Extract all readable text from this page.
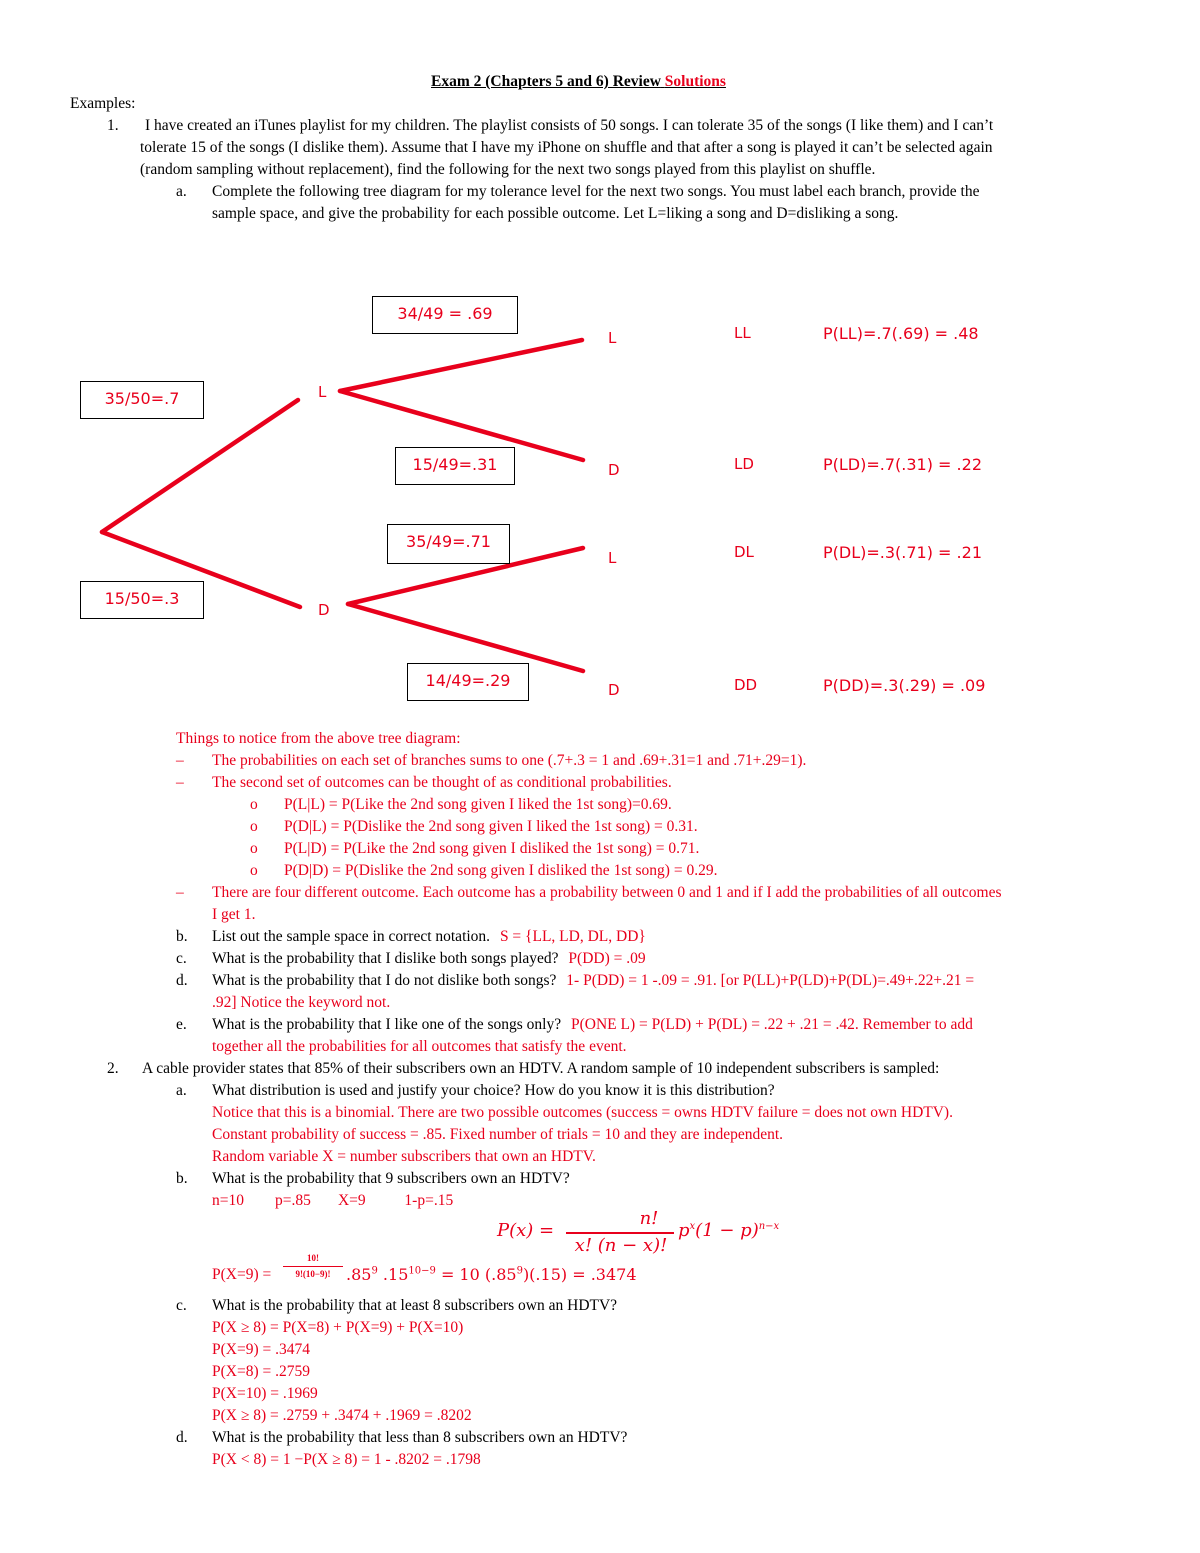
Exam 2 (Chapters 5 and 6) Review Solutions
Examples:
1. I have created an iTunes playlist for my children. The playlist consists of 50 songs. I can tolerate 35 of the songs (I like them) and I can’t
tolerate 15 of the songs (I dislike them). Assume that I have my iPhone on shuffle and that after a song is played it can’t be selected again
(random sampling without replacement), find the following for the next two songs played from this playlist on shuffle.
a. Complete the following tree diagram for my tolerance level for the next two songs. You must label each branch, provide the
sample space, and give the probability for each possible outcome. Let L=liking a song and D=disliking a song.
35/50=.7
15/50=.3
34/49 = .69
15/49=.31
35/49=.71
14/49=.29
L
D
L
D
L
D
LL
LD
DL
DD
P(LL)=.7(.69) = .48
P(LD)=.7(.31) = .22
P(DL)=.3(.71) = .21
P(DD)=.3(.29) = .09
Things to notice from the above tree diagram:
– The probabilities on each set of branches sums to one (.7+.3 = 1 and .69+.31=1 and .71+.29=1).
– The second set of outcomes can be thought of as conditional probabilities.
o P(L|L) = P(Like the 2nd song given I liked the 1st song)=0.69.
o P(D|L) = P(Dislike the 2nd song given I liked the 1st song) = 0.31.
o P(L|D) = P(Like the 2nd song given I disliked the 1st song) = 0.71.
o P(D|D) = P(Dislike the 2nd song given I disliked the 1st song) = 0.29.
– There are four different outcome. Each outcome has a probability between 0 and 1 and if I add the probabilities of all outcomes
I get 1.
b. List out the sample space in correct notation. S = {LL, LD, DL, DD}
c. What is the probability that I dislike both songs played? P(DD) = .09
d. What is the probability that I do not dislike both songs? 1- P(DD) = 1 -.09 = .91. [or P(LL)+P(LD)+P(DL)=.49+.22+.21 =
.92] Notice the keyword not.
e. What is the probability that I like one of the songs only? P(ONE L) = P(LD) + P(DL) = .22 + .21 = .42. Remember to add
together all the probabilities for all outcomes that satisfy the event.
2. A cable provider states that 85% of their subscribers own an HDTV. A random sample of 10 independent subscribers is sampled:
a. What distribution is used and justify your choice? How do you know it is this distribution?
Notice that this is a binomial. There are two possible outcomes (success = owns HDTV failure = does not own HDTV).
Constant probability of success = .85. Fixed number of trials = 10 and they are independent.
Random variable X = number subscribers that own an HDTV.
b. What is the probability that 9 subscribers own an HDTV?
n=10        p=.85       X=9          1-p=.15
P(x) =
n!
x! (n − x)!
$p^x(1 - p)^{n-x}$
P(X=9) =
10!
9!(10−9)! $.85^9$ $.15^{10-9} = 10$ $(.85^9)(.15) = .3474$
c. What is the probability that at least 8 subscribers own an HDTV?
P(X ≥ 8) = P(X=8) + P(X=9) + P(X=10)
P(X=9) = .3474
P(X=8) = .2759
P(X=10) = .1969
P(X ≥ 8) = .2759 + .3474 + .1969 = .8202
d. What is the probability that less than 8 subscribers own an HDTV?
P(X < 8) = 1 −P(X ≥ 8) = 1 - .8202 = .1798
